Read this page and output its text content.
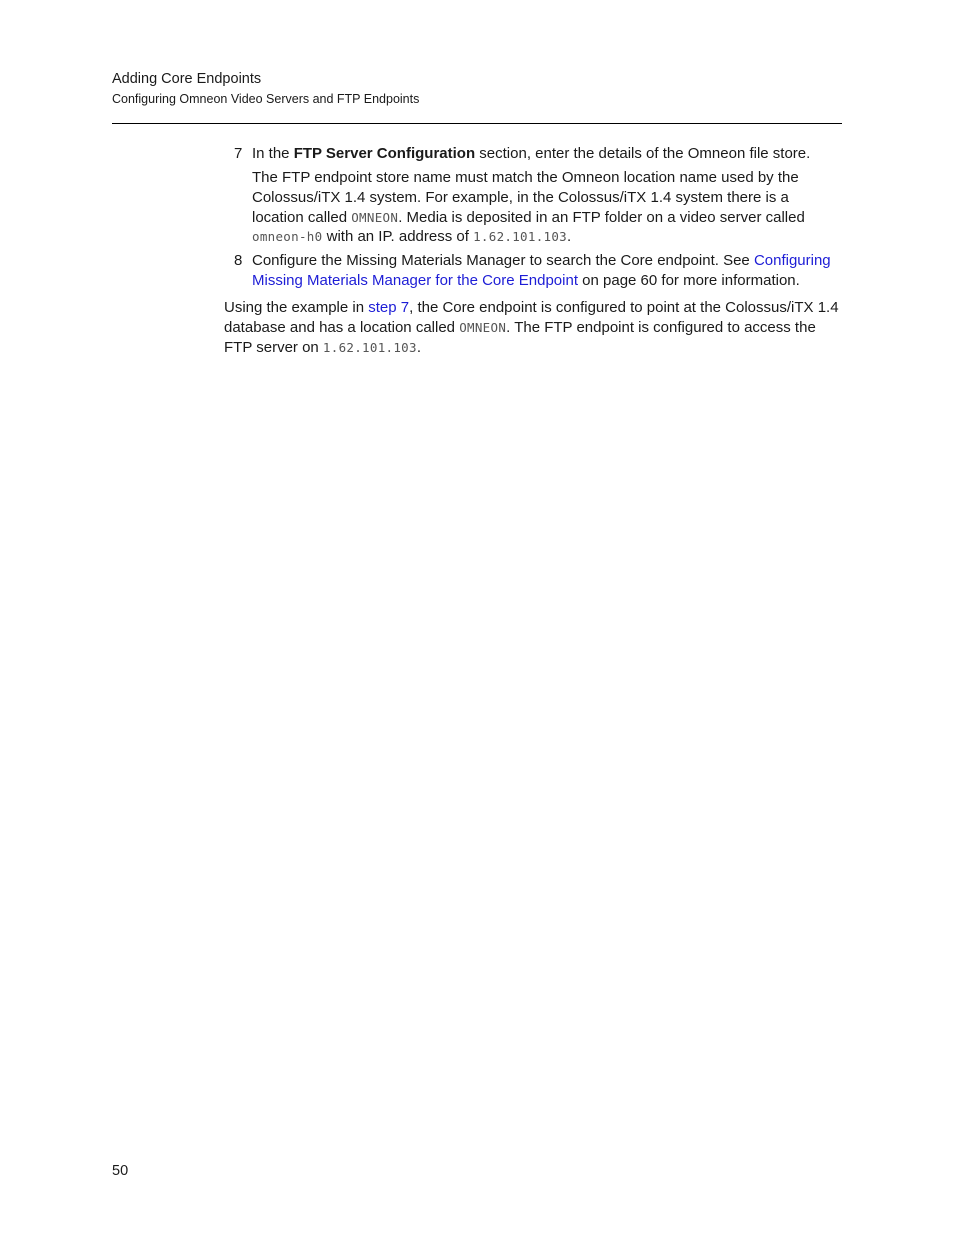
Adding Core Endpoints
Configuring Omneon Video Servers and FTP Endpoints
7 In the FTP Server Configuration section, enter the details of the Omneon file store.

The FTP endpoint store name must match the Omneon location name used by the Colossus/iTX 1.4 system. For example, in the Colossus/iTX 1.4 system there is a location called OMNEON. Media is deposited in an FTP folder on a video server called omneon-h0 with an IP. address of 1.62.101.103.

8 Configure the Missing Materials Manager to search the Core endpoint. See Configuring Missing Materials Manager for the Core Endpoint on page 60 for more information.

Using the example in step 7, the Core endpoint is configured to point at the Colossus/iTX 1.4 database and has a location called OMNEON. The FTP endpoint is configured to access the FTP server on 1.62.101.103.

50
